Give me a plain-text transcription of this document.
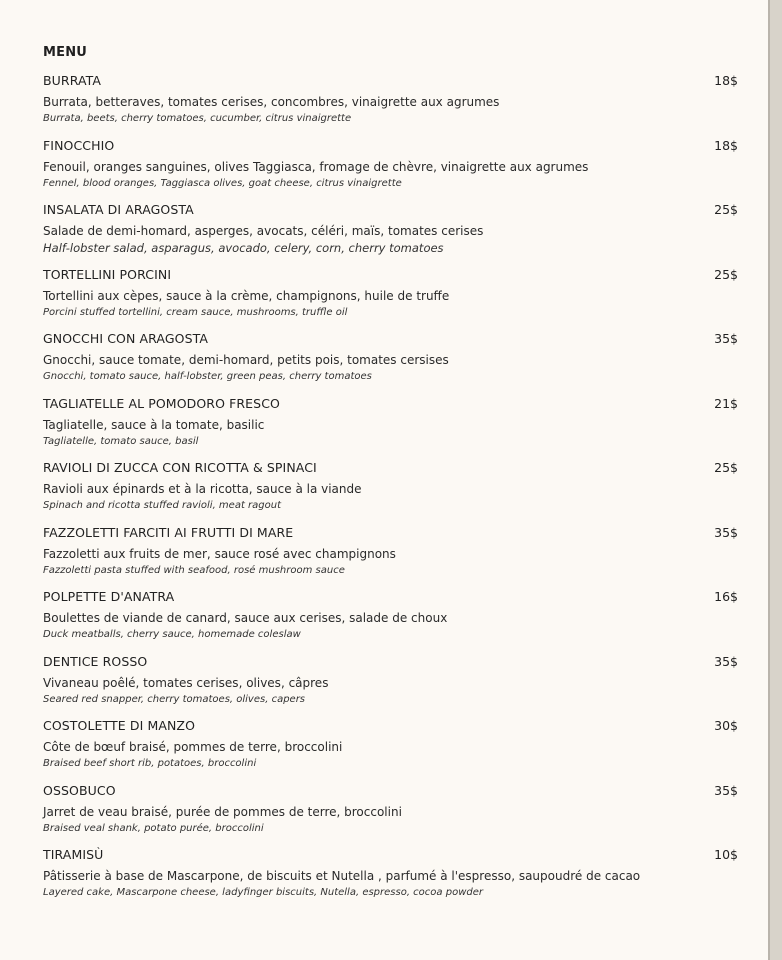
MENU
BURRATA	18$
Burrata, betteraves, tomates cerises, concombres, vinaigrette aux agrumes
Burrata, beets, cherry tomatoes, cucumber, citrus vinaigrette
FINOCCHIO	18$
Fenouil, oranges sanguines, olives Taggiasca, fromage de chèvre, vinaigrette aux agrumes
Fennel, blood oranges, Taggiasca olives, goat cheese, citrus vinaigrette
INSALATA DI ARAGOSTA	25$
Salade de demi-homard, asperges, avocats, céléri, maïs, tomates cerises
Half-lobster salad, asparagus, avocado, celery, corn, cherry tomatoes
TORTELLINI PORCINI	25$
Tortellini aux cèpes, sauce à la crème, champignons, huile de truffe
Porcini stuffed tortellini, cream sauce, mushrooms, truffle oil
GNOCCHI CON ARAGOSTA	35$
Gnocchi, sauce tomate, demi-homard, petits pois, tomates cersises
Gnocchi, tomato sauce, half-lobster, green peas, cherry tomatoes
TAGLIATELLE AL POMODORO FRESCO	21$
Tagliatelle, sauce à la tomate, basilic
Tagliatelle, tomato sauce, basil
RAVIOLI DI ZUCCA CON RICOTTA & SPINACI	25$
Ravioli aux épinards et à la ricotta, sauce à la viande
Spinach and ricotta stuffed ravioli, meat ragout
FAZZOLETTI FARCITI AI FRUTTI DI MARE	35$
Fazzoletti aux fruits de mer, sauce rosé avec champignons
Fazzoletti pasta stuffed with seafood, rosé mushroom sauce
POLPETTE D'ANATRA	16$
Boulettes de viande de canard, sauce aux cerises, salade de choux
Duck meatballs, cherry sauce, homemade coleslaw
DENTICE ROSSO	35$
Vivaneau poêlé, tomates cerises, olives, câpres
Seared red snapper, cherry tomatoes, olives, capers
COSTOLETTE DI MANZO	30$
Côte de bœuf braisé, pommes de terre, broccolini
Braised beef short rib, potatoes, broccolini
OSSOBUCO	35$
Jarret de veau braisé, purée de pommes de terre, broccolini
Braised veal shank, potato purée, broccolini
TIRAMISÙ	10$
Pâtisserie à base de Mascarpone, de biscuits et Nutella , parfumé à l'espresso, saupoudré de cacao
Layered cake, Mascarpone cheese, ladyfinger biscuits, Nutella, espresso, cocoa powder
